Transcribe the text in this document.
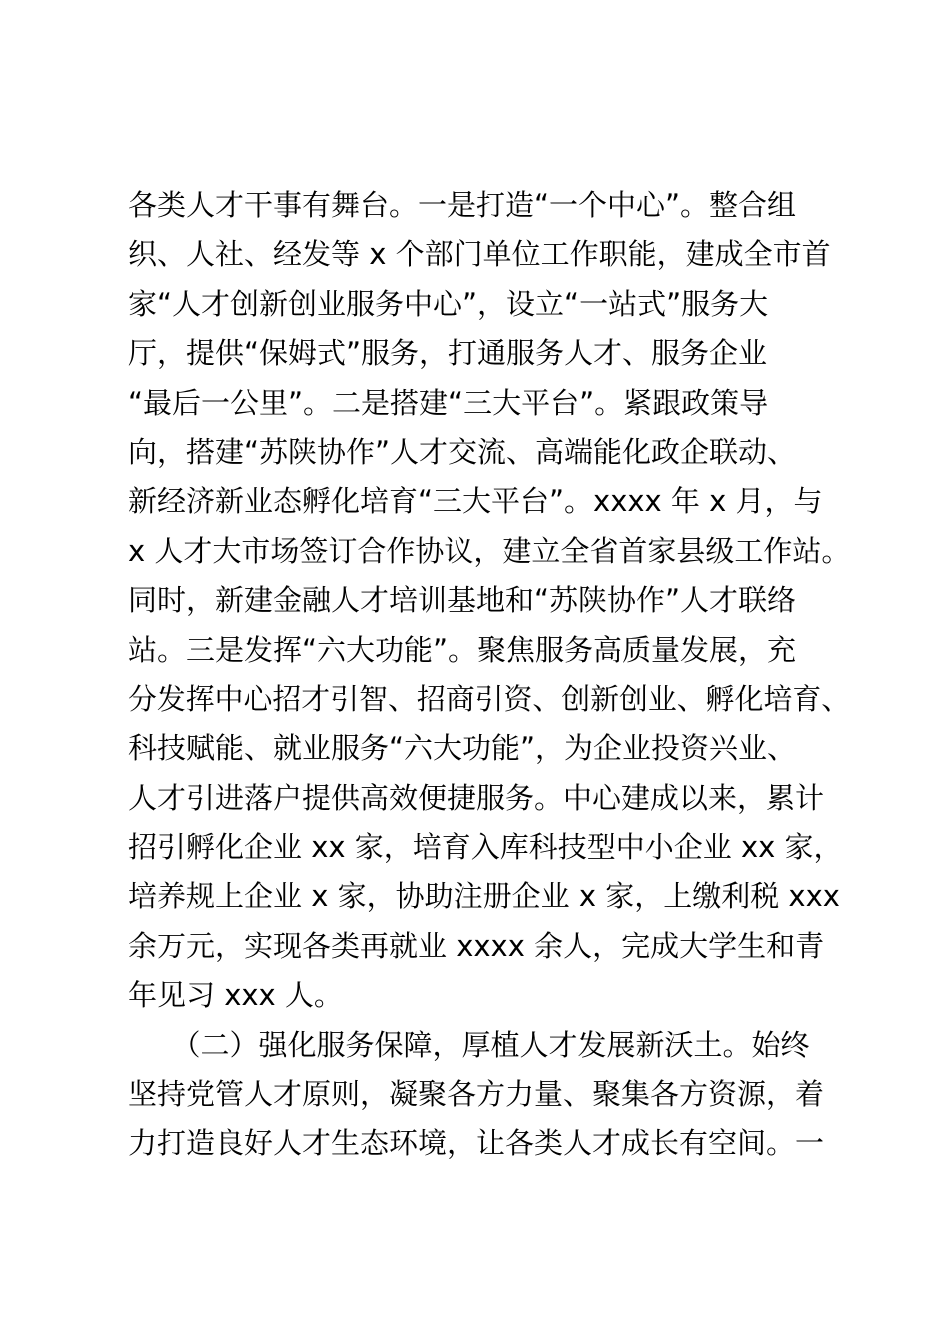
各类人才干事有舞台。一是打造“一个中心”。整合组
织、人社、经发等 x 个部门单位工作职能，建成全市首
家“人才创新创业服务中心”，设立“一站式”服务大
厅，提供“保姆式”服务，打通服务人才、服务企业
“最后一公里”。二是搭建“三大平台”。紧跟政策导
向，搭建“苏陕协作”人才交流、高端能化政企联动、
新经济新业态孵化培育“三大平台”。xxxx 年 x 月，与
x 人才大市场签订合作协议，建立全省首家县级工作站。
同时，新建金融人才培训基地和“苏陕协作”人才联络
站。三是发挥“六大功能”。聚焦服务高质量发展，充
分发挥中心招才引智、招商引资、创新创业、孵化培育、
科技赋能、就业服务“六大功能”，为企业投资兴业、
人才引进落户提供高效便捷服务。中心建成以来，累计
招引孵化企业 xx 家，培育入库科技型中小企业 xx 家，
培养规上企业 x 家，协助注册企业 x 家，上缴利税 xxx
余万元，实现各类再就业 xxxx 余人，完成大学生和青
年见习 xxx 人。
　　（二）强化服务保障，厚植人才发展新沃土。始终
坚持党管人才原则，凝聚各方力量、聚集各方资源，着
力打造良好人才生态环境，让各类人才成长有空间。一
